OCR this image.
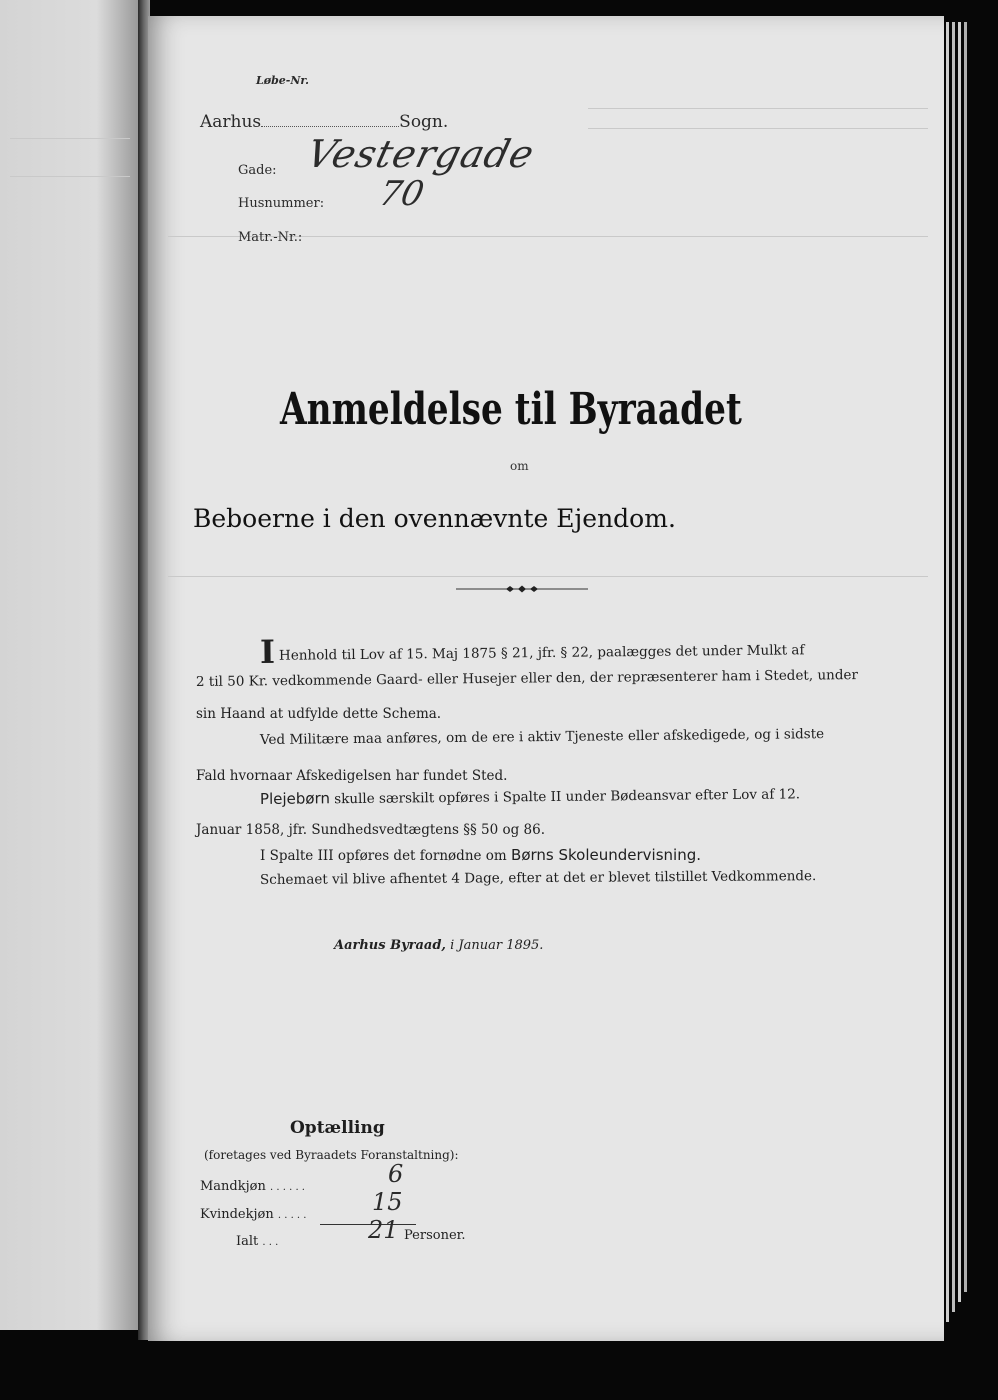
Løbe-Nr.
Aarhus	Sogn.
Gade: Vestergade
Husnummer: 70
Matr.-Nr.:
Anmeldelse til Byraadet
om
Beboerne i den ovennævnte Ejendom.
I Henhold til Lov af 15. Maj 1875 § 21, jfr. § 22, paalægges det under Mulkt af
2 til 50 Kr. vedkommende Gaard- eller Husejer eller den, der repræsenterer ham i Stedet, under
sin Haand at udfylde dette Schema.
Ved Militære maa anføres, om de ere i aktiv Tjeneste eller afskedigede, og i sidste
Fald hvornaar Afskedigelsen har fundet Sted.
Plejebørn skulle særskilt opføres i Spalte II under Bødeansvar efter Lov af 12.
Januar 1858, jfr. Sundhedsvedtægtens §§ 50 og 86.
I Spalte III opføres det fornødne om Børns Skoleundervisning.
Schemaet vil blive afhentet 4 Dage, efter at det er blevet tilstillet Vedkommende.
Aarhus Byraad, i Januar 1895.
Optælling
(foretages ved Byraadets Foranstaltning):
Mandkjøn . . . . . .	6
Kvindekjøn . . . . .	15
Ialt . . .	21 Personer.
